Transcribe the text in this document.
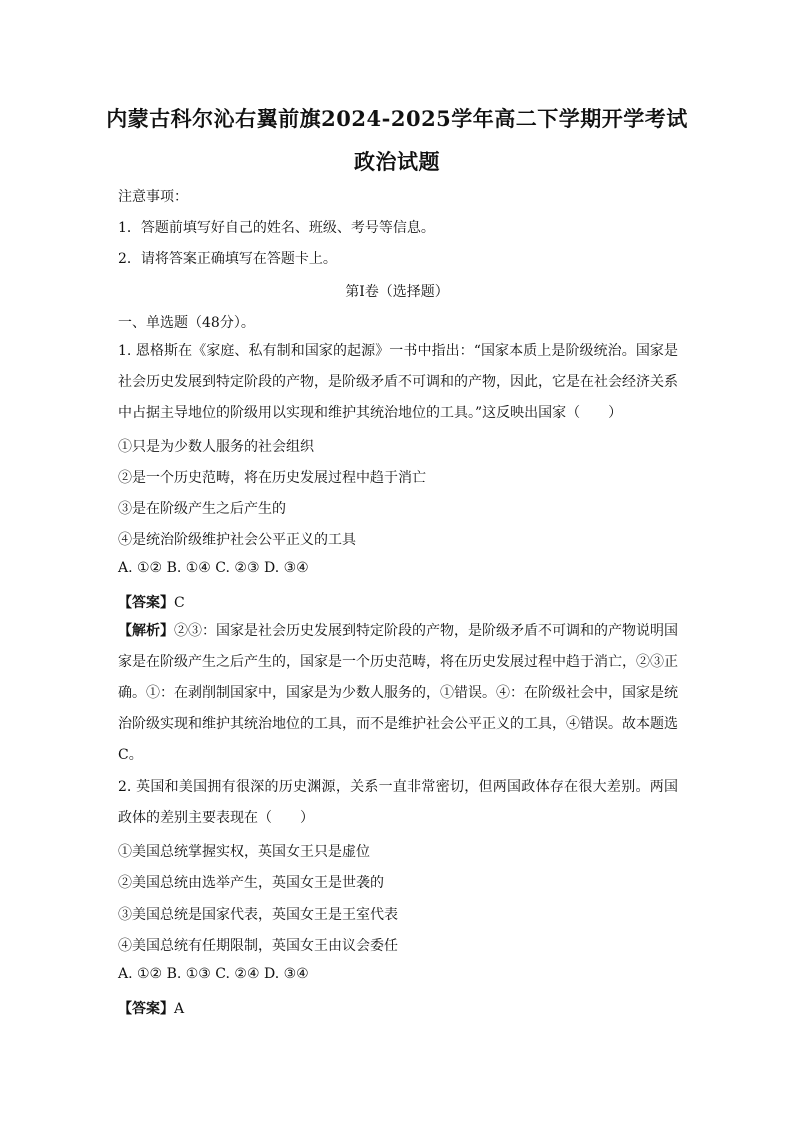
内蒙古科尔沁右翼前旗2024-2025学年高二下学期开学考试
政治试题
注意事项：
1．答题前填写好自己的姓名、班级、考号等信息。
2．请将答案正确填写在答题卡上。
第I卷（选择题）
一、单选题（48分）。
1. 恩格斯在《家庭、私有制和国家的起源》一书中指出：“国家本质上是阶级统治。国家是社会历史发展到特定阶段的产物，是阶级矛盾不可调和的产物，因此，它是在社会经济关系中占据主导地位的阶级用以实现和维护其统治地位的工具。”这反映出国家（　　）
①只是为少数人服务的社会组织
②是一个历史范畴，将在历史发展过程中趋于消亡
③是在阶级产生之后产生的
④是统治阶级维护社会公平正义的工具
A. ①② B. ①④ C. ②③ D. ③④
【答案】C
【解析】②③：国家是社会历史发展到特定阶段的产物，是阶级矛盾不可调和的产物说明国家是在阶级产生之后产生的，国家是一个历史范畴，将在历史发展过程中趋于消亡，②③正确。①：在剥削制国家中，国家是为少数人服务的，①错误。④：在阶级社会中，国家是统治阶级实现和维护其统治地位的工具，而不是维护社会公平正义的工具，④错误。故本题选C。
2. 英国和美国拥有很深的历史渊源，关系一直非常密切，但两国政体存在很大差别。两国政体的差别主要表现在（　　）
①美国总统掌握实权，英国女王只是虚位
②美国总统由选举产生，英国女王是世袭的
③美国总统是国家代表，英国女王是王室代表
④美国总统有任期限制，英国女王由议会委任
A. ①② B. ①③ C. ②④ D. ③④
【答案】A
